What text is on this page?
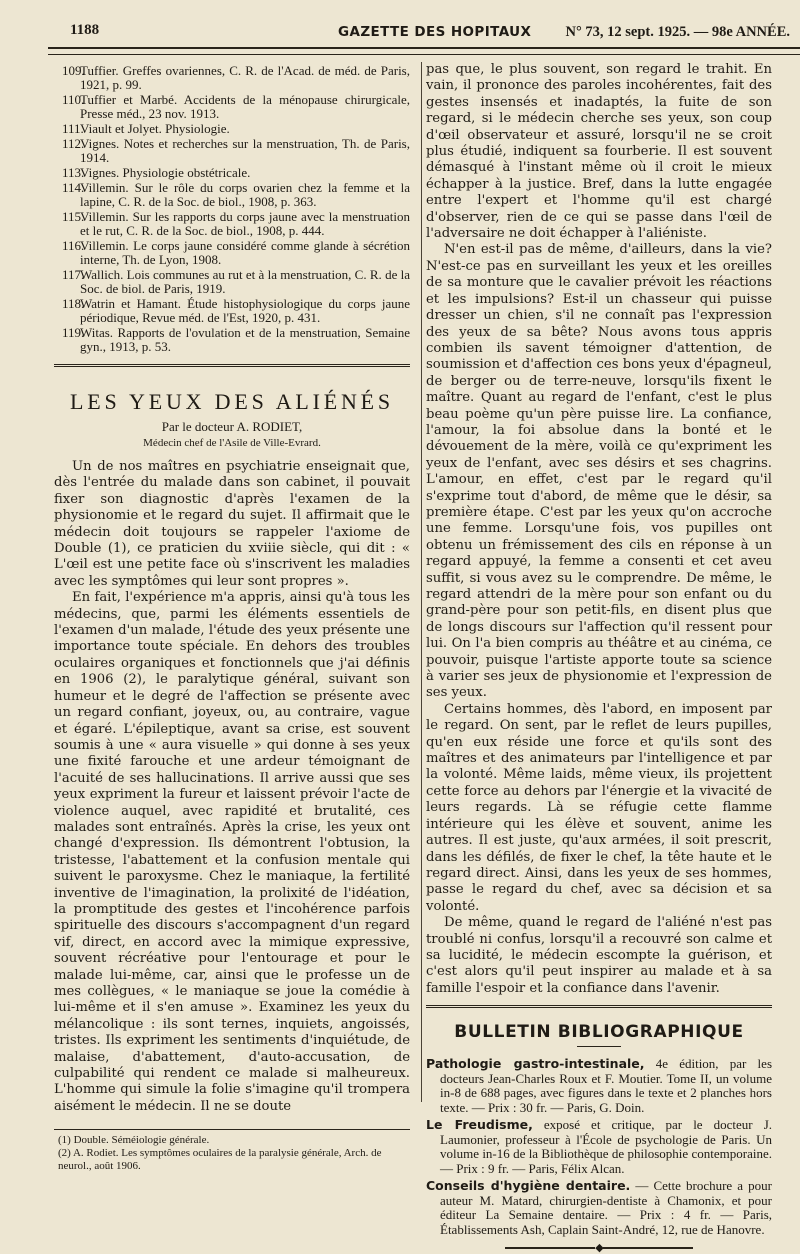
1188	GAZETTE DES HOPITAUX N° 73, 12 sept. 1925. — 98e ANNÉE.
109.Tuffier. Greffes ovariennes, C. R. de l'Acad. de méd. de Paris, 1921, p. 99.
110.Tuffier et Marbé. Accidents de la ménopause chirurgicale, Presse méd., 23 nov. 1913.
111.Viault et Jolyet. Physiologie.
112.Vignes. Notes et recherches sur la menstruation, Th. de Paris, 1914.
113.Vignes. Physiologie obstétricale.
114.Villemin. Sur le rôle du corps ovarien chez la femme et la lapine, C. R. de la Soc. de biol., 1908, p. 363.
115.Villemin. Sur les rapports du corps jaune avec la menstruation et le rut, C. R. de la Soc. de biol., 1908, p. 444.
116.Villemin. Le corps jaune considéré comme glande à sécrétion interne, Th. de Lyon, 1908.
117.Wallich. Lois communes au rut et à la menstruation, C. R. de la Soc. de biol. de Paris, 1919.
118.Watrin et Hamant. Étude histophysiologique du corps jaune périodique, Revue méd. de l'Est, 1920, p. 431.
119.Witas. Rapports de l'ovulation et de la menstruation, Semaine gyn., 1913, p. 53.
LES YEUX DES ALIÉNÉS

Par le docteur A. RODIET,

Médecin chef de l'Asile de Ville-Evrard.

Un de nos maîtres en psychiatrie enseignait que, dès l'entrée du malade dans son cabinet, il pouvait fixer son diagnostic d'après l'examen de la physionomie et le regard du sujet. Il affirmait que le médecin doit toujours se rappeler l'axiome de Double (1), ce praticien du xviiie siècle, qui dit : « L'œil est une petite face où s'inscrivent les maladies avec les symptômes qui leur sont propres ».

En fait, l'expérience m'a appris, ainsi qu'à tous les médecins, que, parmi les éléments essentiels de l'examen d'un malade, l'étude des yeux présente une importance toute spéciale. En dehors des troubles oculaires organiques et fonctionnels que j'ai définis en 1906 (2), le paralytique général, suivant son humeur et le degré de l'affection se présente avec un regard confiant, joyeux, ou, au contraire, vague et égaré. L'épileptique, avant sa crise, est souvent soumis à une « aura visuelle » qui donne à ses yeux une fixité farouche et une ardeur témoignant de l'acuité de ses hallucinations. Il arrive aussi que ses yeux expriment la fureur et laissent prévoir l'acte de violence auquel, avec rapidité et brutalité, ces malades sont entraînés. Après la crise, les yeux ont changé d'expression. Ils démontrent l'obtusion, la tristesse, l'abattement et la confusion mentale qui suivent le paroxysme. Chez le maniaque, la fertilité inventive de l'imagination, la prolixité de l'idéation, la promptitude des gestes et l'incohérence parfois spirituelle des discours s'accompagnent d'un regard vif, direct, en accord avec la mimique expressive, souvent récréative pour l'entourage et pour le malade lui-même, car, ainsi que le professe un de mes collègues, « le maniaque se joue la comédie à lui-même et il s'en amuse ». Examinez les yeux du mélancolique : ils sont ternes, inquiets, angoissés, tristes. Ils expriment les sentiments d'inquiétude, de malaise, d'abattement, d'auto-accusation, de culpabilité qui rendent ce malade si malheureux. L'homme qui simule la folie s'imagine qu'il trompera aisément le médecin. Il ne se doute

(1) Double. Séméiologie générale.

(2) A. Rodiet. Les symptômes oculaires de la paralysie générale, Arch. de neurol., août 1906.

pas que, le plus souvent, son regard le trahit. En vain, il prononce des paroles incohérentes, fait des gestes insensés et inadaptés, la fuite de son regard, si le médecin cherche ses yeux, son coup d'œil observateur et assuré, lorsqu'il ne se croit plus étudié, indiquent sa fourberie. Il est souvent démasqué à l'instant même où il croit le mieux échapper à la justice. Bref, dans la lutte engagée entre l'expert et l'homme qu'il est chargé d'observer, rien de ce qui se passe dans l'œil de l'adversaire ne doit échapper à l'aliéniste.

N'en est-il pas de même, d'ailleurs, dans la vie? N'est-ce pas en surveillant les yeux et les oreilles de sa monture que le cavalier prévoit les réactions et les impulsions? Est-il un chasseur qui puisse dresser un chien, s'il ne connaît pas l'expression des yeux de sa bête? Nous avons tous appris combien ils savent témoigner d'attention, de soumission et d'affection ces bons yeux d'épagneul, de berger ou de terre-neuve, lorsqu'ils fixent le maître. Quant au regard de l'enfant, c'est le plus beau poème qu'un père puisse lire. La confiance, l'amour, la foi absolue dans la bonté et le dévouement de la mère, voilà ce qu'expriment les yeux de l'enfant, avec ses désirs et ses chagrins. L'amour, en effet, c'est par le regard qu'il s'exprime tout d'abord, de même que le désir, sa première étape. C'est par les yeux qu'on accroche une femme. Lorsqu'une fois, vos pupilles ont obtenu un frémissement des cils en réponse à un regard appuyé, la femme a consenti et cet aveu suffit, si vous avez su le comprendre. De même, le regard attendri de la mère pour son enfant ou du grand-père pour son petit-fils, en disent plus que de longs discours sur l'affection qu'il ressent pour lui. On l'a bien compris au théâtre et au cinéma, ce pouvoir, puisque l'artiste apporte toute sa science à varier ses jeux de physionomie et l'expression de ses yeux.

Certains hommes, dès l'abord, en imposent par le regard. On sent, par le reflet de leurs pupilles, qu'en eux réside une force et qu'ils sont des maîtres et des animateurs par l'intelligence et par la volonté. Même laids, même vieux, ils projettent cette force au dehors par l'énergie et la vivacité de leurs regards. Là se réfugie cette flamme intérieure qui les élève et souvent, anime les autres. Il est juste, qu'aux armées, il soit prescrit, dans les défilés, de fixer le chef, la tête haute et le regard direct. Ainsi, dans les yeux de ses hommes, passe le regard du chef, avec sa décision et sa volonté.

De même, quand le regard de l'aliéné n'est pas troublé ni confus, lorsqu'il a recouvré son calme et sa lucidité, le médecin escompte la guérison, et c'est alors qu'il peut inspirer au malade et à sa famille l'espoir et la confiance dans l'avenir.

BULLETIN BIBLIOGRAPHIQUE

Pathologie gastro-intestinale, 4e édition, par les docteurs Jean-Charles Roux et F. Moutier. Tome II, un volume in-8 de 688 pages, avec figures dans le texte et 2 planches hors texte. — Prix : 30 fr. — Paris, G. Doin.

Le Freudisme, exposé et critique, par le docteur J. Laumonier, professeur à l'École de psychologie de Paris. Un volume in-16 de la Bibliothèque de philosophie contemporaine. — Prix : 9 fr. — Paris, Félix Alcan.

Conseils d'hygiène dentaire. — Cette brochure a pour auteur M. Matard, chirurgien-dentiste à Chamonix, et pour éditeur La Semaine dentaire. — Prix : 4 fr. — Paris, Établissements Ash, Caplain Saint-André, 12, rue de Hanovre.

◆
